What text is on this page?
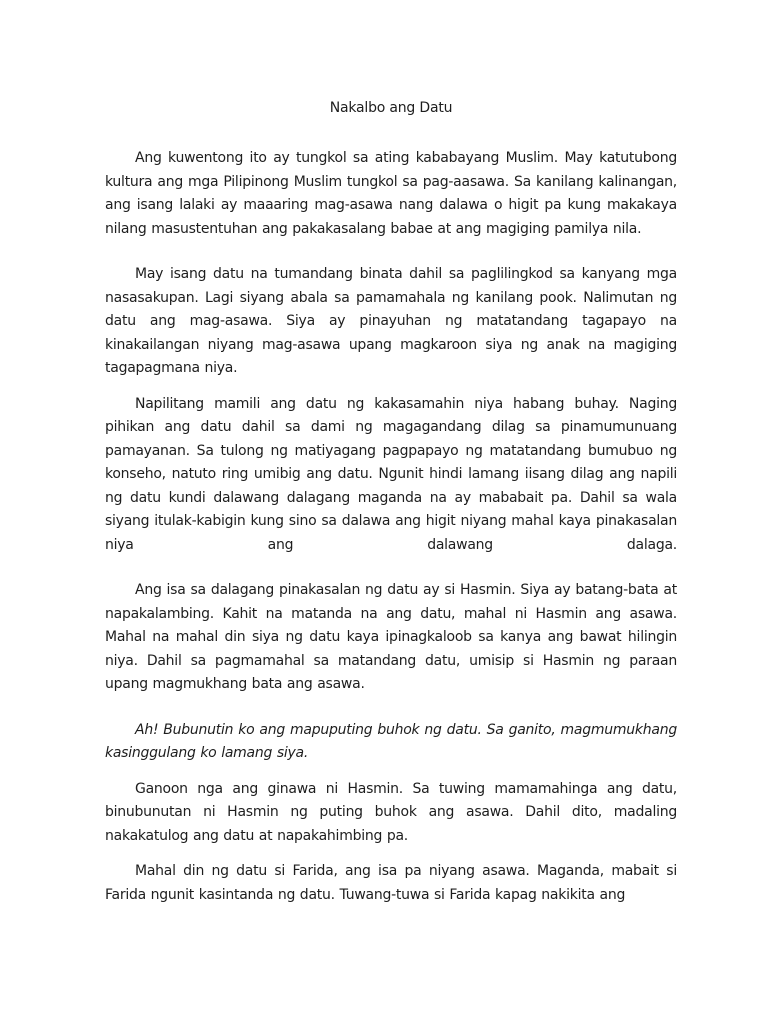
Nakalbo ang Datu

Ang kuwentong ito ay tungkol sa ating kababayang Muslim. May katutubong kultura ang mga Pilipinong Muslim tungkol sa pag-aasawa. Sa kanilang kalinangan, ang isang lalaki ay maaaring mag-asawa nang dalawa o higit pa kung makakaya nilang masustentuhan ang pakakasalang babae at ang magiging pamilya nila.

May isang datu na tumandang binata dahil sa paglilingkod sa kanyang mga nasasakupan. Lagi siyang abala sa pamamahala ng kanilang pook. Nalimutan ng datu ang mag-asawa. Siya ay pinayuhan ng matatandang tagapayo na kinakailangan niyang mag-asawa upang magkaroon siya ng anak na magiging tagapagmana niya.

Napilitang mamili ang datu ng kakasamahin niya habang buhay. Naging pihikan ang datu dahil sa dami ng magagandang dilag sa pinamumunuang pamayanan. Sa tulong ng matiyagang pagpapayo ng matatandang bumubuo ng konseho, natuto ring umibig ang datu. Ngunit hindi lamang iisang dilag ang napili ng datu kundi dalawang dalagang maganda na ay mababait pa. Dahil sa wala siyang itulak-kabigin kung sino sa dalawa ang higit niyang mahal kaya pinakasalan niya ang dalawang dalaga.

Ang isa sa dalagang pinakasalan ng datu ay si Hasmin. Siya ay batang-bata at napakalambing. Kahit na matanda na ang datu, mahal ni Hasmin ang asawa. Mahal na mahal din siya ng datu kaya ipinagkaloob sa kanya ang bawat hilingin niya. Dahil sa pagmamahal sa matandang datu, umisip si Hasmin ng paraan upang magmukhang bata ang asawa.

Ah! Bubunutin ko ang mapuputing buhok ng datu. Sa ganito, magmumukhang kasinggulang ko lamang siya.

Ganoon nga ang ginawa ni Hasmin. Sa tuwing mamamahinga ang datu, binubunutan ni Hasmin ng puting buhok ang asawa. Dahil dito, madaling nakakatulog ang datu at napakahimbing pa.

Mahal din ng datu si Farida, ang isa pa niyang asawa. Maganda, mabait si Farida ngunit kasintanda ng datu. Tuwang-tuwa si Farida kapag nakikita ang
